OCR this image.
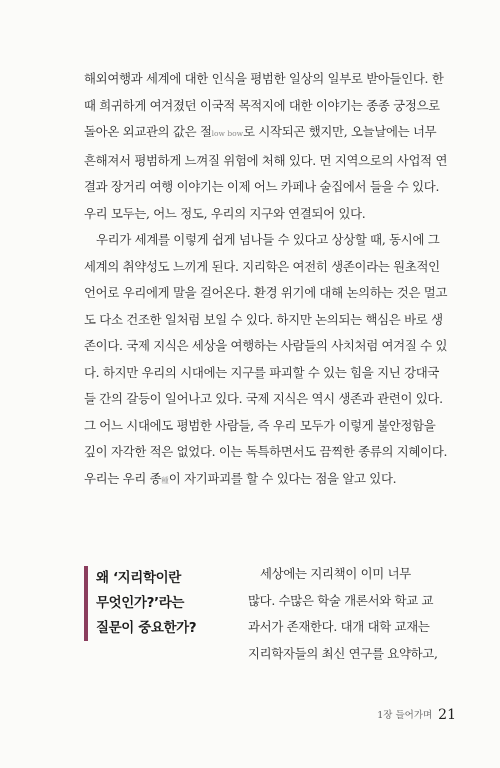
해외여행과 세계에 대한 인식을 평범한 일상의 일부로 받아들인다. 한
때 희귀하게 여겨졌던 이국적 목적지에 대한 이야기는 종종 궁정으로
돌아온 외교관의 값은 절low bow로 시작되곤 했지만, 오늘날에는 너무
흔해져서 평범하게 느껴질 위험에 처해 있다. 먼 지역으로의 사업적 연
결과 장거리 여행 이야기는 이제 어느 카페나 술집에서 들을 수 있다.
우리 모두는, 어느 정도, 우리의 지구와 연결되어 있다.
우리가 세계를 이렇게 쉽게 넘나들 수 있다고 상상할 때, 동시에 그
세계의 취약성도 느끼게 된다. 지리학은 여전히 생존이라는 원초적인
언어로 우리에게 말을 걸어온다. 환경 위기에 대해 논의하는 것은 멀고
도 다소 건조한 일처럼 보일 수 있다. 하지만 논의되는 핵심은 바로 생
존이다. 국제 지식은 세상을 여행하는 사람들의 사치처럼 여겨질 수 있
다. 하지만 우리의 시대에는 지구를 파괴할 수 있는 힘을 지닌 강대국
들 간의 갈등이 일어나고 있다. 국제 지식은 역시 생존과 관련이 있다.
그 어느 시대에도 평범한 사람들, 즉 우리 모두가 이렇게 불안정함을
깊이 자각한 적은 없었다. 이는 독특하면서도 끔찍한 종류의 지혜이다.
우리는 우리 종種이 자기파괴를 할 수 있다는 점을 알고 있다.
왜 ‘지리학이란
무엇인가?’라는
질문이 중요한가?
세상에는 지리책이 이미 너무
많다. 수많은 학술 개론서와 학교 교
과서가 존재한다. 대개 대학 교재는
지리학자들의 최신 연구를 요약하고,
1장 들어가며 21
